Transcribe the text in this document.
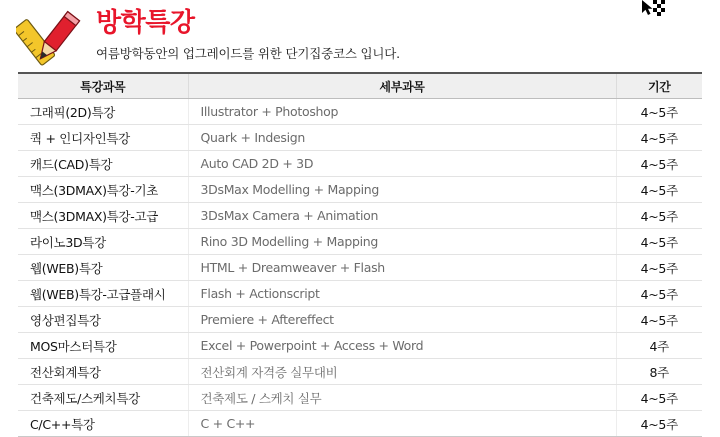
방학특강
여름방학동안의 업그레이드를 위한 단기집중코스 입니다.
특강과목	세부과목	기간
그래픽(2D)특강	Illustrator + Photoshop	4~5주
쿽 + 인디자인특강	Quark + Indesign	4~5주
캐드(CAD)특강	Auto CAD 2D + 3D	4~5주
맥스(3DMAX)특강-기초	3DsMax Modelling + Mapping	4~5주
맥스(3DMAX)특강-고급	3DsMax Camera + Animation	4~5주
라이노3D특강	Rino 3D Modelling + Mapping	4~5주
웹(WEB)특강	HTML + Dreamweaver + Flash	4~5주
웹(WEB)특강-고급플래시	Flash + Actionscript	4~5주
영상편집특강	Premiere + Aftereffect	4~5주
MOS마스터특강	Excel + Powerpoint + Access + Word	4주
전산회계특강	전산회계 자격증 실무대비	8주
건축제도/스케치특강	건축제도 / 스케치 실무	4~5주
C/C++특강	C + C++	4~5주
